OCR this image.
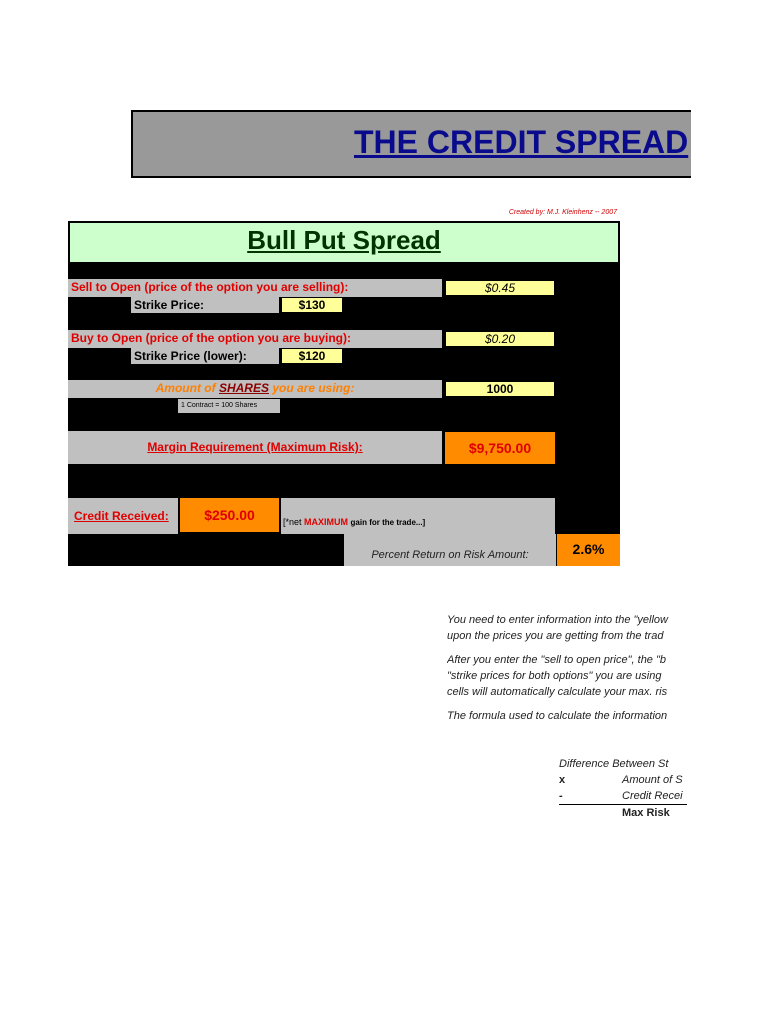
THE CREDIT SPREAD
Created by: M.J. Kleinhenz -- 2007
Bull Put Spread
Sell to Open (price of the option you are selling):	$0.45
Strike Price:	$130
Buy to Open (price of the option you are buying):	$0.20
Strike Price (lower):	$120
Amount of SHARES you are using:	1000
1 Contract = 100 Shares
Margin Requirement (Maximum Risk):	$9,750.00
Credit Received:	$250.00	[*net MAXIMUM gain for the trade...]
Percent Return on Risk Amount:	2.6%
You need to enter information into the "yellow
upon the prices you are getting from the trad
After you enter the "sell to open price", the "b
"strike prices for both options" you are using
cells will automatically calculate your max. ris
The formula used to calculate the information
Difference Between St
x	Amount of S
-	Credit Recei
Max Risk
